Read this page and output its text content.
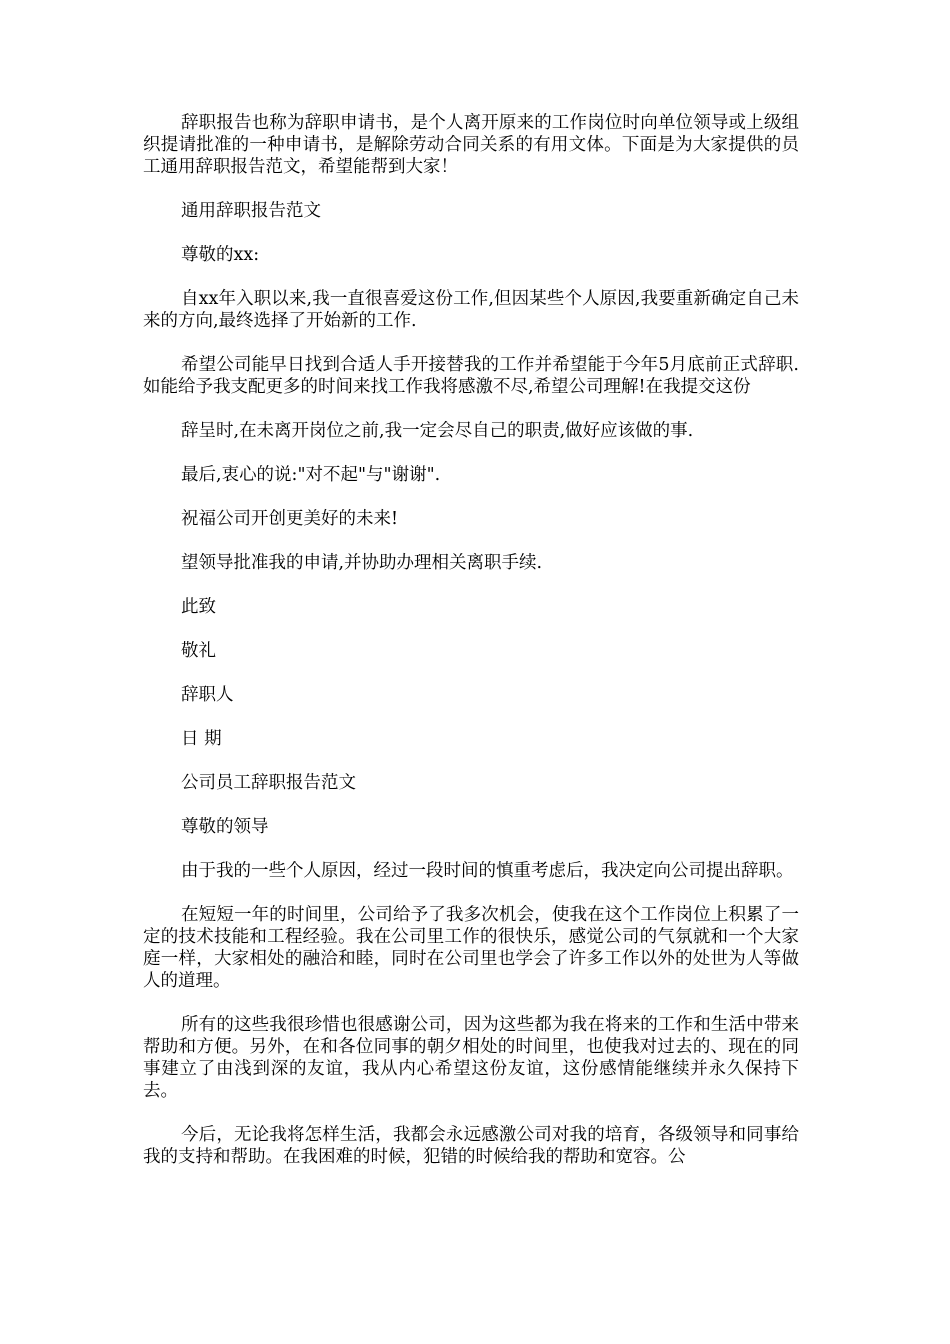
辞职报告也称为辞职申请书，是个人离开原来的工作岗位时向单位领导或上级组织提请批准的一种申请书，是解除劳动合同关系的有用文体。下面是为大家提供的员工通用辞职报告范文，希望能帮到大家！

通用辞职报告范文

尊敬的xx:

自xx年入职以来,我一直很喜爱这份工作,但因某些个人原因,我要重新确定自己未来的方向,最终选择了开始新的工作.

希望公司能早日找到合适人手开接替我的工作并希望能于今年5月底前正式辞职.如能给予我支配更多的时间来找工作我将感激不尽,希望公司理解!在我提交这份

辞呈时,在未离开岗位之前,我一定会尽自己的职责,做好应该做的事.

最后,衷心的说:"对不起"与"谢谢".

祝福公司开创更美好的未来!

望领导批准我的申请,并协助办理相关离职手续.

此致

敬礼

辞职人

日 期

公司员工辞职报告范文

尊敬的领导

由于我的一些个人原因，经过一段时间的慎重考虑后，我决定向公司提出辞职。

在短短一年的时间里，公司给予了我多次机会，使我在这个工作岗位上积累了一定的技术技能和工程经验。我在公司里工作的很快乐，感觉公司的气氛就和一个大家庭一样，大家相处的融洽和睦，同时在公司里也学会了许多工作以外的处世为人等做人的道理。

所有的这些我很珍惜也很感谢公司，因为这些都为我在将来的工作和生活中带来帮助和方便。另外，在和各位同事的朝夕相处的时间里，也使我对过去的、现在的同事建立了由浅到深的友谊，我从内心希望这份友谊，这份感情能继续并永久保持下去。

今后，无论我将怎样生活，我都会永远感激公司对我的培育，各级领导和同事给我的支持和帮助。在我困难的时候，犯错的时候给我的帮助和宽容。公
